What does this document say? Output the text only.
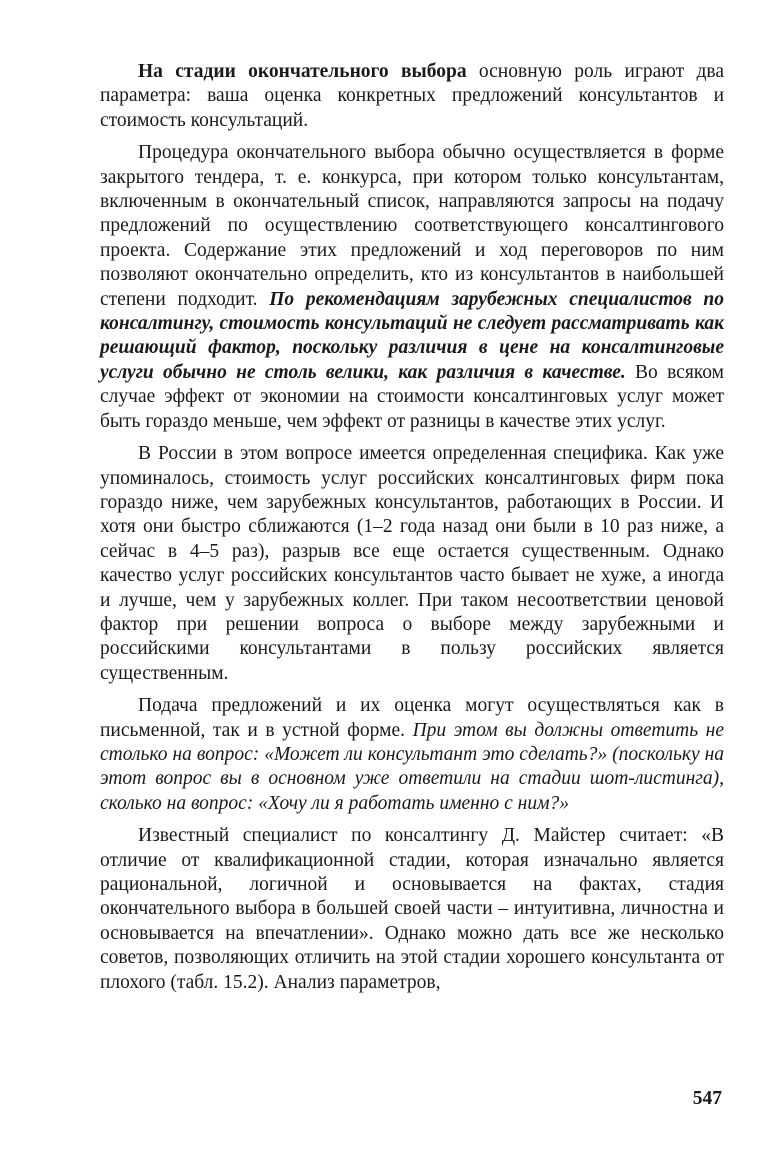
На стадии окончательного выбора основную роль играют два параметра: ваша оценка конкретных предложений консультантов и стоимость консультаций.

Процедура окончательного выбора обычно осуществляется в форме закрытого тендера, т. е. конкурса, при котором только консультантам, включенным в окончательный список, направляются запросы на подачу предложений по осуществлению соответствующего консалтингового проекта. Содержание этих предложений и ход переговоров по ним позволяют окончательно определить, кто из консультантов в наибольшей степени подходит. По рекомендациям зарубежных специалистов по консалтингу, стоимость консультаций не следует рассматривать как решающий фактор, поскольку различия в цене на консалтинговые услуги обычно не столь велики, как различия в качестве. Во всяком случае эффект от экономии на стоимости консалтинговых услуг может быть гораздо меньше, чем эффект от разницы в качестве этих услуг.

В России в этом вопросе имеется определенная специфика. Как уже упоминалось, стоимость услуг российских консалтинговых фирм пока гораздо ниже, чем зарубежных консультантов, работающих в России. И хотя они быстро сближаются (1–2 года назад они были в 10 раз ниже, а сейчас в 4–5 раз), разрыв все еще остается существенным. Однако качество услуг российских консультантов часто бывает не хуже, а иногда и лучше, чем у зарубежных коллег. При таком несоответствии ценовой фактор при решении вопроса о выборе между зарубежными и российскими консультантами в пользу российских является существенным.

Подача предложений и их оценка могут осуществляться как в письменной, так и в устной форме. При этом вы должны ответить не столько на вопрос: «Может ли консультант это сделать?» (поскольку на этот вопрос вы в основном уже ответили на стадии шот-листинга), сколько на вопрос: «Хочу ли я работать именно с ним?»

Известный специалист по консалтингу Д. Майстер считает: «В отличие от квалификационной стадии, которая изначально является рациональной, логичной и основывается на фактах, стадия окончательного выбора в большей своей части – интуитивна, личностна и основывается на впечатлении». Однако можно дать все же несколько советов, позволяющих отличить на этой стадии хорошего консультанта от плохого (табл. 15.2). Анализ параметров,

547
